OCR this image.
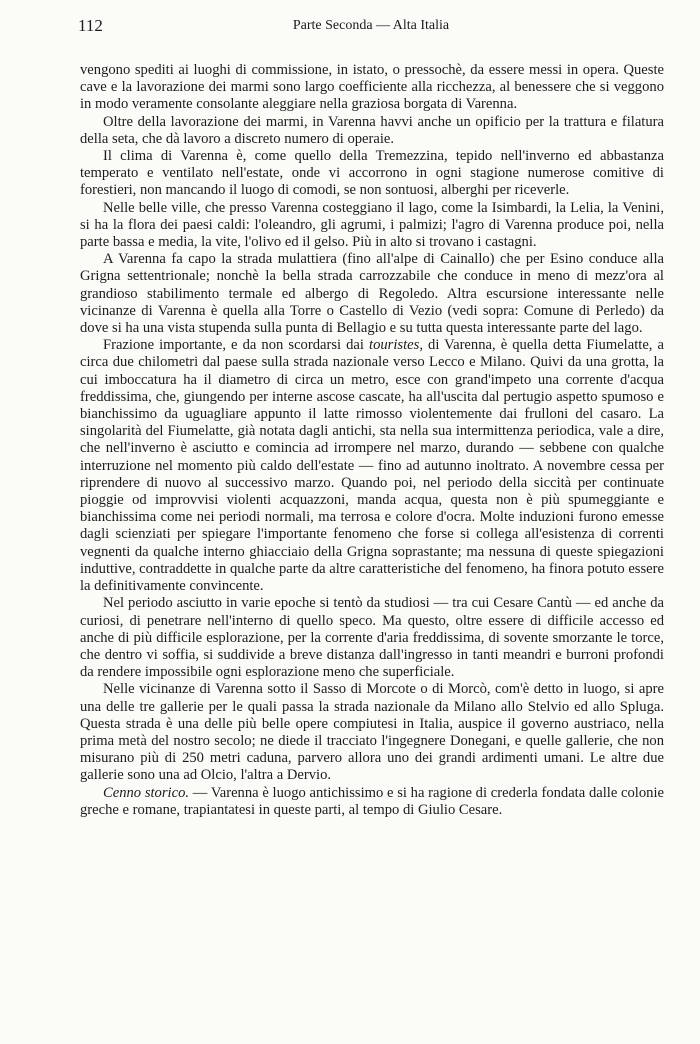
112	Parte Seconda — Alta Italia

vengono spediti ai luoghi di commissione, in istato, o pressochè, da essere messi in opera. Queste cave e la lavorazione dei marmi sono largo coefficiente alla ricchezza, al benessere che si veggono in modo veramente consolante aleggiare nella graziosa borgata di Varenna.

Oltre della lavorazione dei marmi, in Varenna havvi anche un opificio per la trattura e filatura della seta, che dà lavoro a discreto numero di operaie.

Il clima di Varenna è, come quello della Tremezzina, tepido nell'inverno ed abbastanza temperato e ventilato nell'estate, onde vi accorrono in ogni stagione numerose comitive di forestieri, non mancando il luogo di comodi, se non sontuosi, alberghi per riceverle.

Nelle belle ville, che presso Varenna costeggiano il lago, come la Isimbardi, la Lelia, la Venini, si ha la flora dei paesi caldi: l'oleandro, gli agrumi, i palmizi; l'agro di Varenna produce poi, nella parte bassa e media, la vite, l'olivo ed il gelso. Più in alto si trovano i castagni.

A Varenna fa capo la strada mulattiera (fino all'alpe di Cainallo) che per Esino conduce alla Grigna settentrionale; nonchè la bella strada carrozzabile che conduce in meno di mezz'ora al grandioso stabilimento termale ed albergo di Regoledo. Altra escursione interessante nelle vicinanze di Varenna è quella alla Torre o Castello di Vezio (vedi sopra: Comune di Perledo) da dove si ha una vista stupenda sulla punta di Bellagio e su tutta questa interessante parte del lago.

Frazione importante, e da non scordarsi dai touristes, di Varenna, è quella detta Fiumelatte, a circa due chilometri dal paese sulla strada nazionale verso Lecco e Milano. Quivi da una grotta, la cui imboccatura ha il diametro di circa un metro, esce con grand'impeto una corrente d'acqua freddissima, che, giungendo per interne ascose cascate, ha all'uscita dal pertugio aspetto spumoso e bianchissimo da uguagliare appunto il latte rimosso violentemente dai frulloni del casaro. La singolarità del Fiumelatte, già notata dagli antichi, sta nella sua intermittenza periodica, vale a dire, che nell'inverno è asciutto e comincia ad irrompere nel marzo, durando — sebbene con qualche interruzione nel momento più caldo dell'estate — fino ad autunno inoltrato. A novembre cessa per riprendere di nuovo al successivo marzo. Quando poi, nel periodo della siccità per continuate pioggie od improvvisi violenti acquazzoni, manda acqua, questa non è più spumeggiante e bianchissima come nei periodi normali, ma terrosa e colore d'ocra. Molte induzioni furono emesse dagli scienziati per spiegare l'importante fenomeno che forse si collega all'esistenza di correnti vegnenti da qualche interno ghiacciaio della Grigna soprastante; ma nessuna di queste spiegazioni induttive, contraddette in qualche parte da altre caratteristiche del fenomeno, ha finora potuto essere la definitivamente convincente.

Nel periodo asciutto in varie epoche si tentò da studiosi — tra cui Cesare Cantù — ed anche da curiosi, di penetrare nell'interno di quello speco. Ma questo, oltre essere di difficile accesso ed anche di più difficile esplorazione, per la corrente d'aria freddissima, di sovente smorzante le torce, che dentro vi soffia, si suddivide a breve distanza dall'ingresso in tanti meandri e burroni profondi da rendere impossibile ogni esplorazione meno che superficiale.

Nelle vicinanze di Varenna sotto il Sasso di Morcote o di Morcò, com'è detto in luogo, si apre una delle tre gallerie per le quali passa la strada nazionale da Milano allo Stelvio ed allo Spluga. Questa strada è una delle più belle opere compiutesi in Italia, auspice il governo austriaco, nella prima metà del nostro secolo; ne diede il tracciato l'ingegnere Donegani, e quelle gallerie, che non misurano più di 250 metri caduna, parvero allora uno dei grandi ardimenti umani. Le altre due gallerie sono una ad Olcio, l'altra a Dervio.

Cenno storico. — Varenna è luogo antichissimo e si ha ragione di crederla fondata dalle colonie greche e romane, trapiantatesi in queste parti, al tempo di Giulio Cesare.
